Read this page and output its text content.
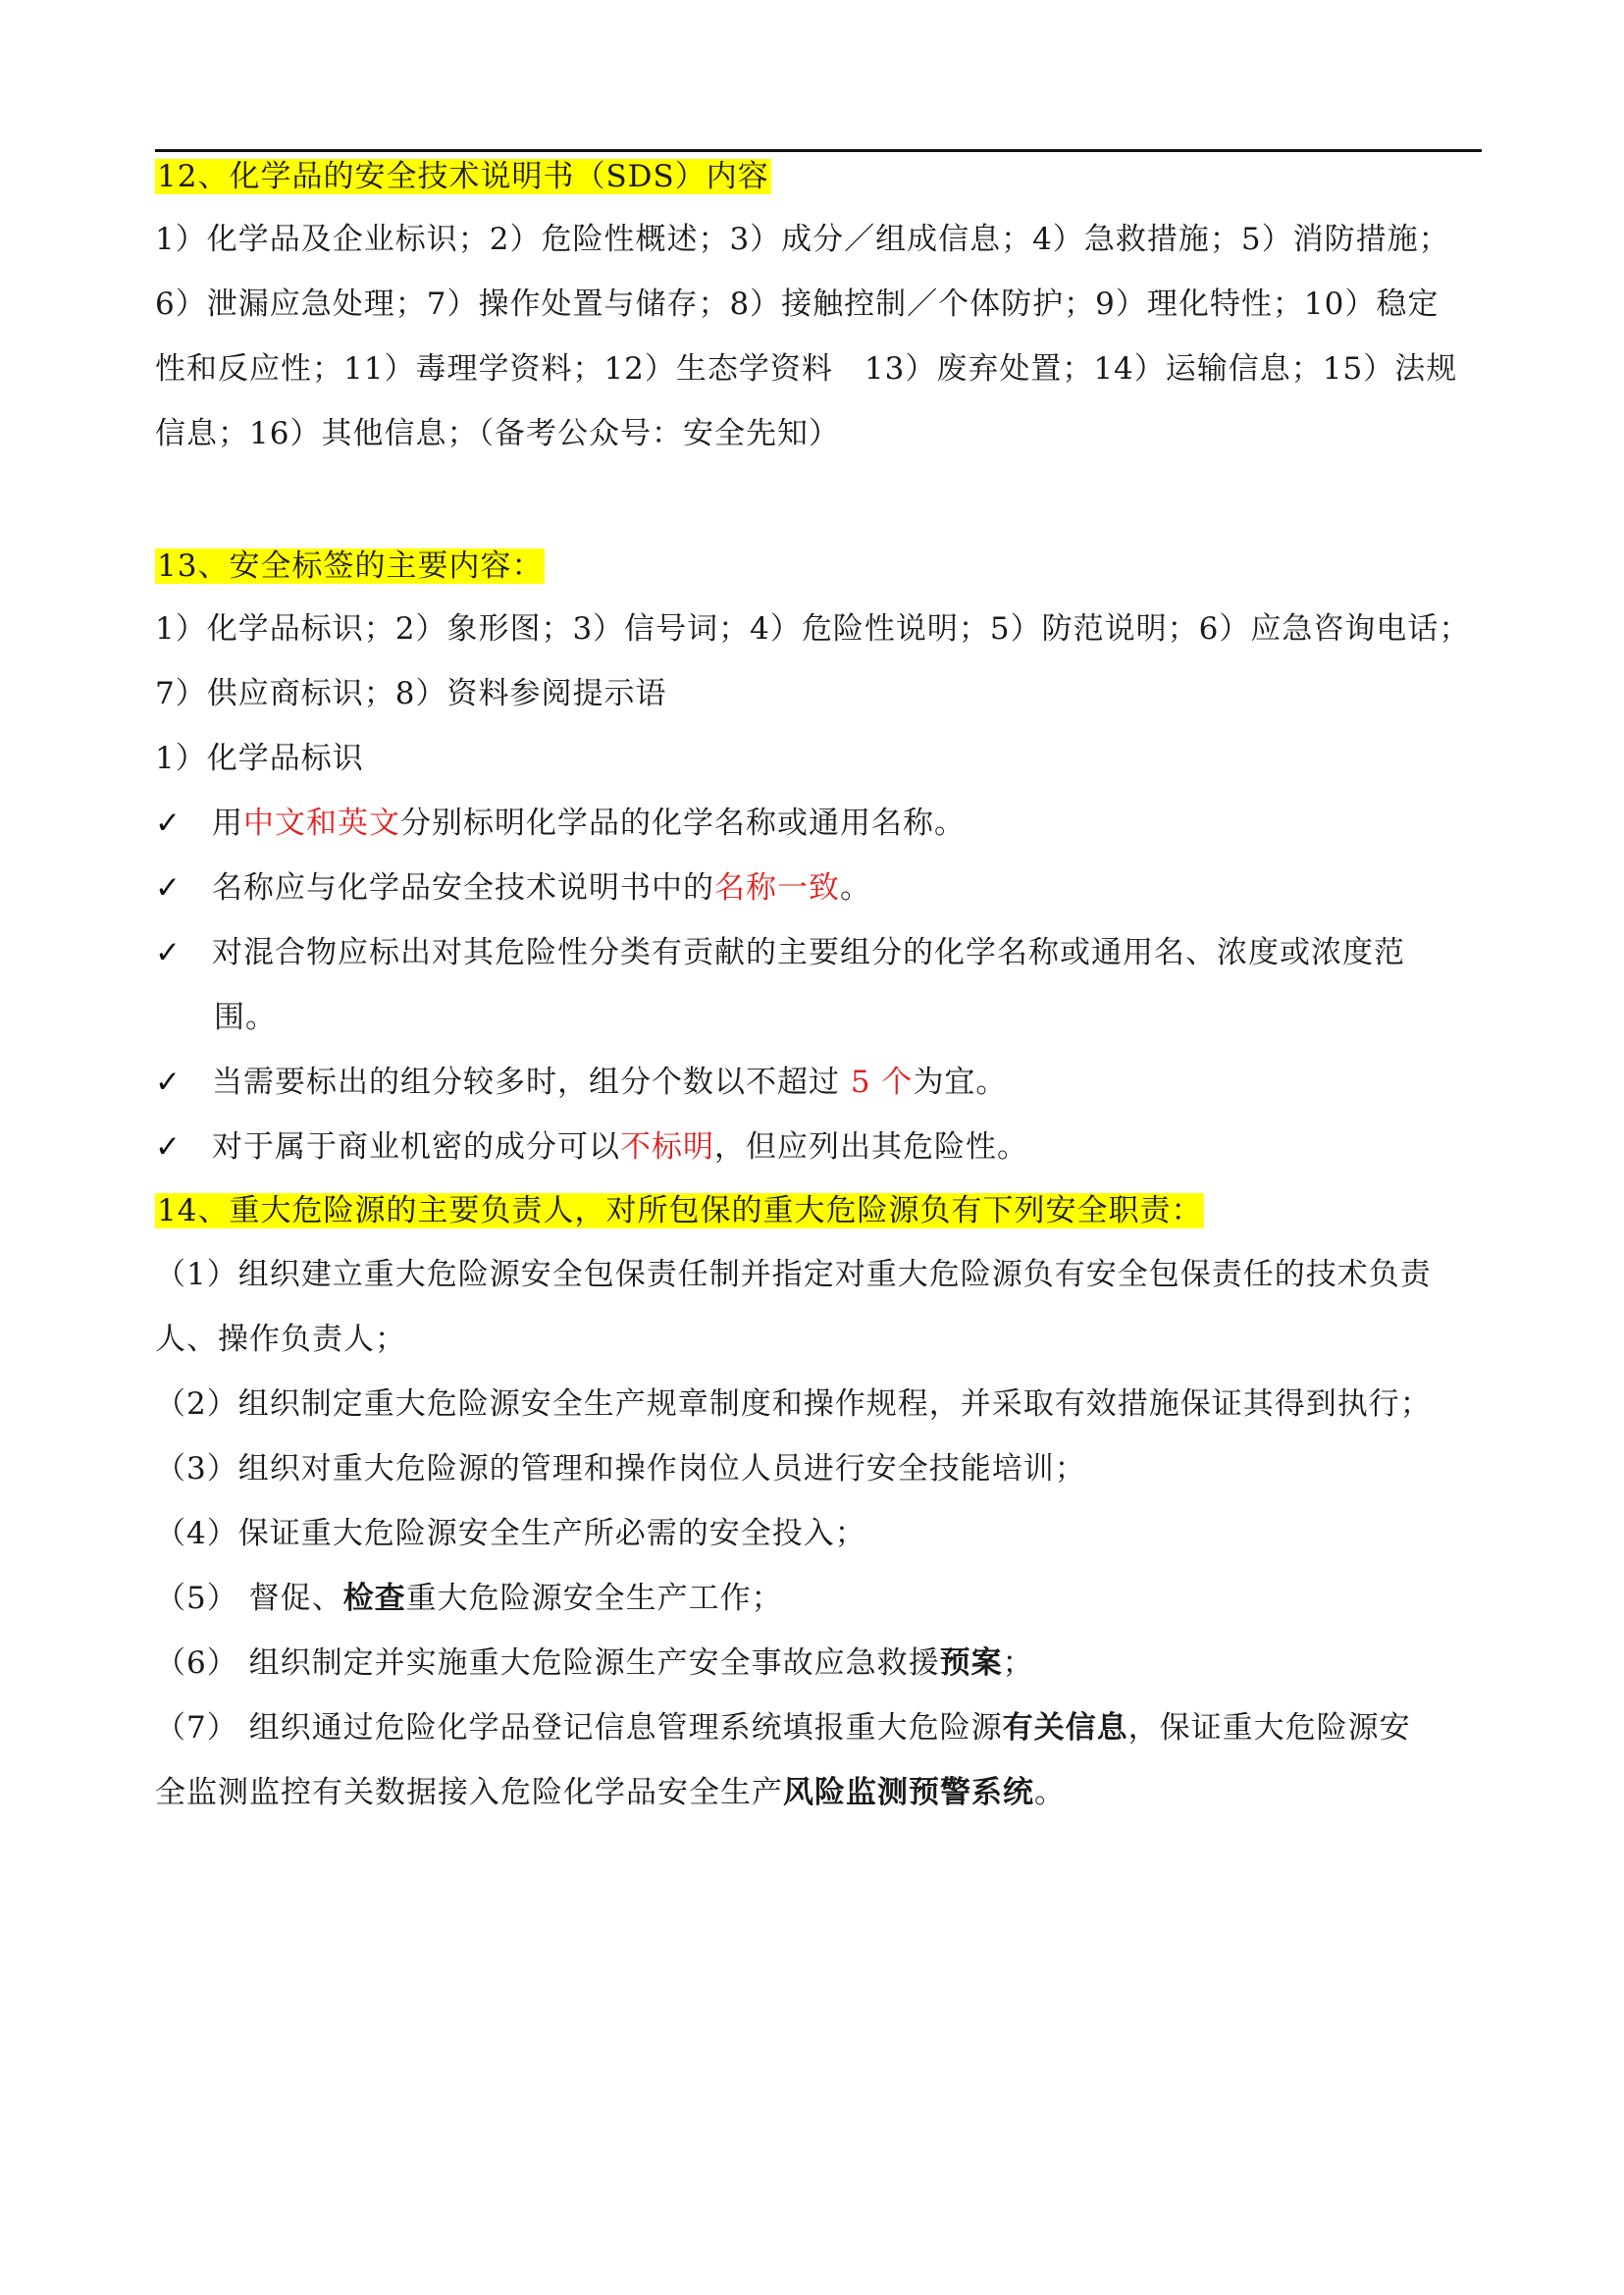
12、化学品的安全技术说明书（SDS）内容
1）化学品及企业标识；2）危险性概述；3）成分／组成信息；4）急救措施；5）消防措施；
6）泄漏应急处理；7）操作处置与储存；8）接触控制／个体防护；9）理化特性；10）稳定
性和反应性；11）毒理学资料；12）生态学资料　13）废弃处置；14）运输信息；15）法规
信息；16）其他信息；（备考公众号：安全先知）
13、安全标签的主要内容：
1）化学品标识；2）象形图；3）信号词；4）危险性说明；5）防范说明；6）应急咨询电话；
7）供应商标识；8）资料参阅提示语
1）化学品标识
✓ 用中文和英文分别标明化学品的化学名称或通用名称。
✓ 名称应与化学品安全技术说明书中的名称一致。
✓ 对混合物应标出对其危险性分类有贡献的主要组分的化学名称或通用名、浓度或浓度范
围。
✓ 当需要标出的组分较多时，组分个数以不超过 5 个为宜。
✓ 对于属于商业机密的成分可以不标明，但应列出其危险性。
14、重大危险源的主要负责人，对所包保的重大危险源负有下列安全职责：
（1）组织建立重大危险源安全包保责任制并指定对重大危险源负有安全包保责任的技术负责
人、操作负责人；
（2）组织制定重大危险源安全生产规章制度和操作规程，并采取有效措施保证其得到执行；
（3）组织对重大危险源的管理和操作岗位人员进行安全技能培训；
（4）保证重大危险源安全生产所必需的安全投入；
（5） 督促、检查重大危险源安全生产工作；
（6） 组织制定并实施重大危险源生产安全事故应急救援预案；
（7） 组织通过危险化学品登记信息管理系统填报重大危险源有关信息，保证重大危险源安
全监测监控有关数据接入危险化学品安全生产风险监测预警系统。
